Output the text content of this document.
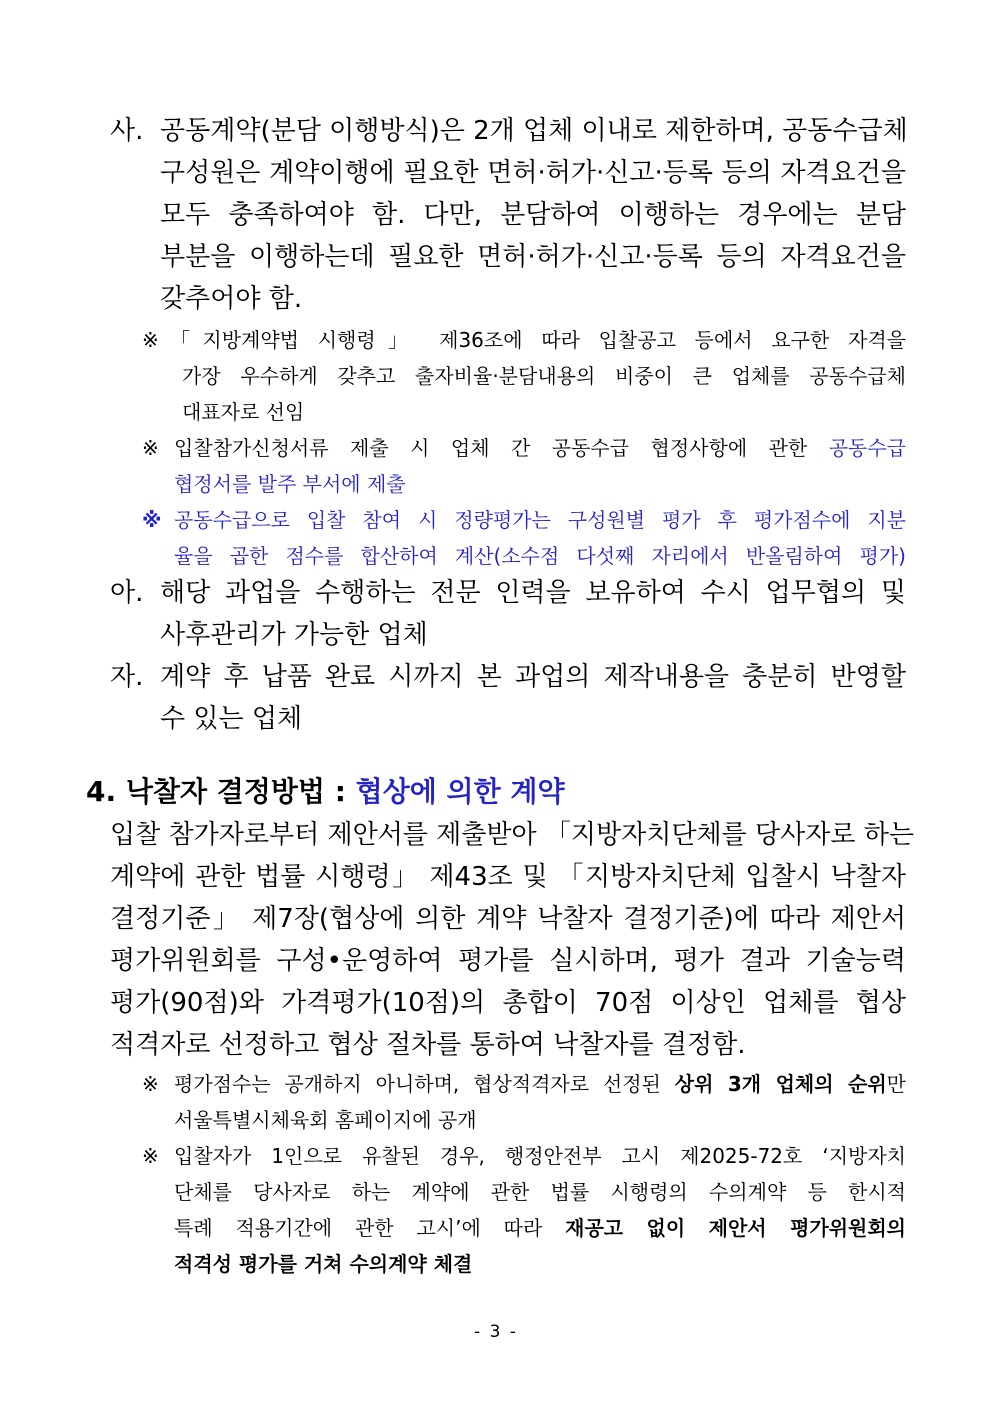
사. 공동계약(분담 이행방식)은 2개 업체 이내로 제한하며, 공동수급체
구성원은 계약이행에 필요한 면허·허가·신고·등록 등의 자격요건을
모두 충족하여야 함. 다만, 분담하여 이행하는 경우에는 분담
부분을 이행하는데 필요한 면허·허가·신고·등록 등의 자격요건을
갖추어야 함.
※ 「지방계약법 시행령」 제36조에 따라 입찰공고 등에서 요구한 자격을
가장 우수하게 갖추고 출자비율·분담내용의 비중이 큰 업체를 공동수급체
대표자로 선임
※ 입찰참가신청서류 제출 시 업체 간 공동수급 협정사항에 관한 공동수급
협정서를 발주 부서에 제출
※ 공동수급으로 입찰 참여 시 정량평가는 구성원별 평가 후 평가점수에 지분
율을 곱한 점수를 합산하여 계산(소수점 다섯째 자리에서 반올림하여 평가)
아. 해당 과업을 수행하는 전문 인력을 보유하여 수시 업무협의 및
사후관리가 가능한 업체
자. 계약 후 납품 완료 시까지 본 과업의 제작내용을 충분히 반영할
수 있는 업체
4. 낙찰자 결정방법 : 협상에 의한 계약
입찰 참가자로부터 제안서를 제출받아 「지방자치단체를 당사자로 하는
계약에 관한 법률 시행령」 제43조 및 「지방자치단체 입찰시 낙찰자
결정기준」 제7장(협상에 의한 계약 낙찰자 결정기준)에 따라 제안서
평가위원회를 구성•운영하여 평가를 실시하며, 평가 결과 기술능력
평가(90점)와 가격평가(10점)의 총합이 70점 이상인 업체를 협상
적격자로 선정하고 협상 절차를 통하여 낙찰자를 결정함.
※ 평가점수는 공개하지 아니하며, 협상적격자로 선정된 상위 3개 업체의 순위만
서울특별시체육회 홈페이지에 공개
※ 입찰자가 1인으로 유찰된 경우, 행정안전부 고시 제2025-72호 ‘지방자치
단체를 당사자로 하는 계약에 관한 법률 시행령의 수의계약 등 한시적
특례 적용기간에 관한 고시’에 따라 재공고 없이 제안서 평가위원회의
적격성 평가를 거쳐 수의계약 체결
- 3 -
